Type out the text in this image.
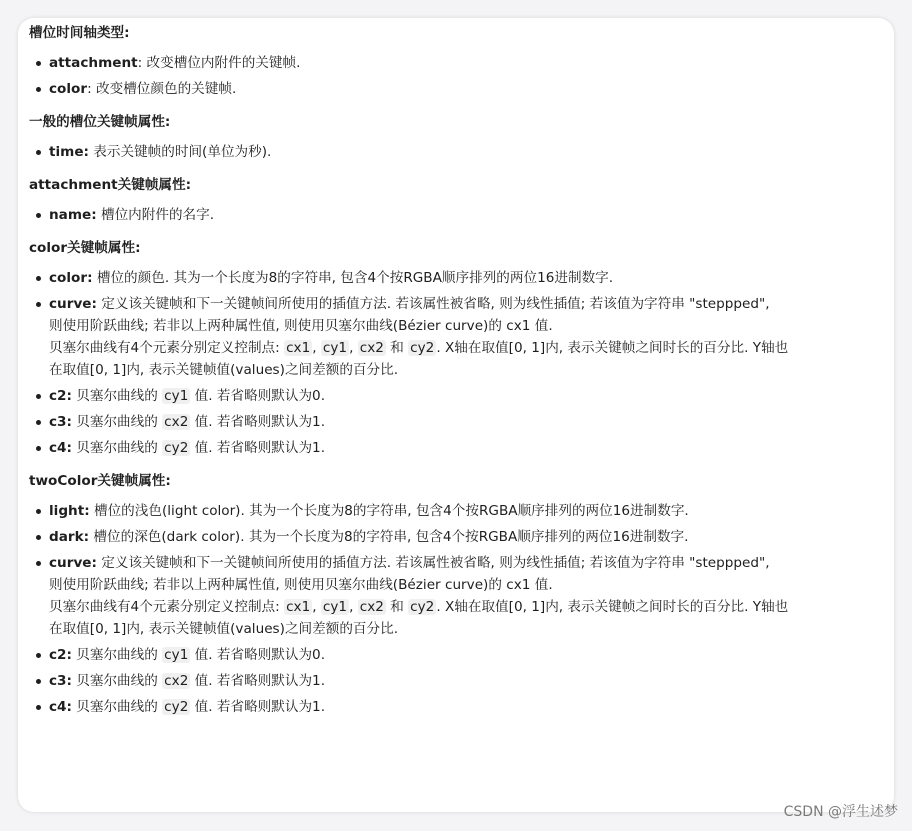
槽位时间轴类型:

attachment: 改变槽位内附件的关键帧.
color: 改变槽位颜色的关键帧.

一般的槽位关键帧属性:

time: 表示关键帧的时间(单位为秒).

attachment关键帧属性:

name: 槽位内附件的名字.

color关键帧属性:

color: 槽位的颜色. 其为一个长度为8的字符串, 包含4个按RGBA顺序排列的两位16进制数字.
curve: 定义该关键帧和下一关键帧间所使用的插值方法. 若该属性被省略, 则为线性插值; 若该值为字符串 "steppped",
则使用阶跃曲线; 若非以上两种属性值, 则使用贝塞尔曲线(Bézier curve)的 cx1 值.
贝塞尔曲线有4个元素分别定义控制点: cx1 , cy1 , cx2 和 cy2 . X轴在取值[0, 1]内, 表示关键帧之间时长的百分比. Y轴也
在取值[0, 1]内, 表示关键帧值(values)之间差额的百分比.
c2: 贝塞尔曲线的 cy1 值. 若省略则默认为0.
c3: 贝塞尔曲线的 cx2 值. 若省略则默认为1.
c4: 贝塞尔曲线的 cy2 值. 若省略则默认为1.

twoColor关键帧属性:

light: 槽位的浅色(light color). 其为一个长度为8的字符串, 包含4个按RGBA顺序排列的两位16进制数字.
dark: 槽位的深色(dark color). 其为一个长度为8的字符串, 包含4个按RGBA顺序排列的两位16进制数字.
curve: 定义该关键帧和下一关键帧间所使用的插值方法. 若该属性被省略, 则为线性插值; 若该值为字符串 "steppped",
则使用阶跃曲线; 若非以上两种属性值, 则使用贝塞尔曲线(Bézier curve)的 cx1 值.
贝塞尔曲线有4个元素分别定义控制点: cx1 , cy1 , cx2 和 cy2 . X轴在取值[0, 1]内, 表示关键帧之间时长的百分比. Y轴也
在取值[0, 1]内, 表示关键帧值(values)之间差额的百分比.
c2: 贝塞尔曲线的 cy1 值. 若省略则默认为0.
c3: 贝塞尔曲线的 cx2 值. 若省略则默认为1.
c4: 贝塞尔曲线的 cy2 值. 若省略则默认为1.
CSDN @浮生述梦
